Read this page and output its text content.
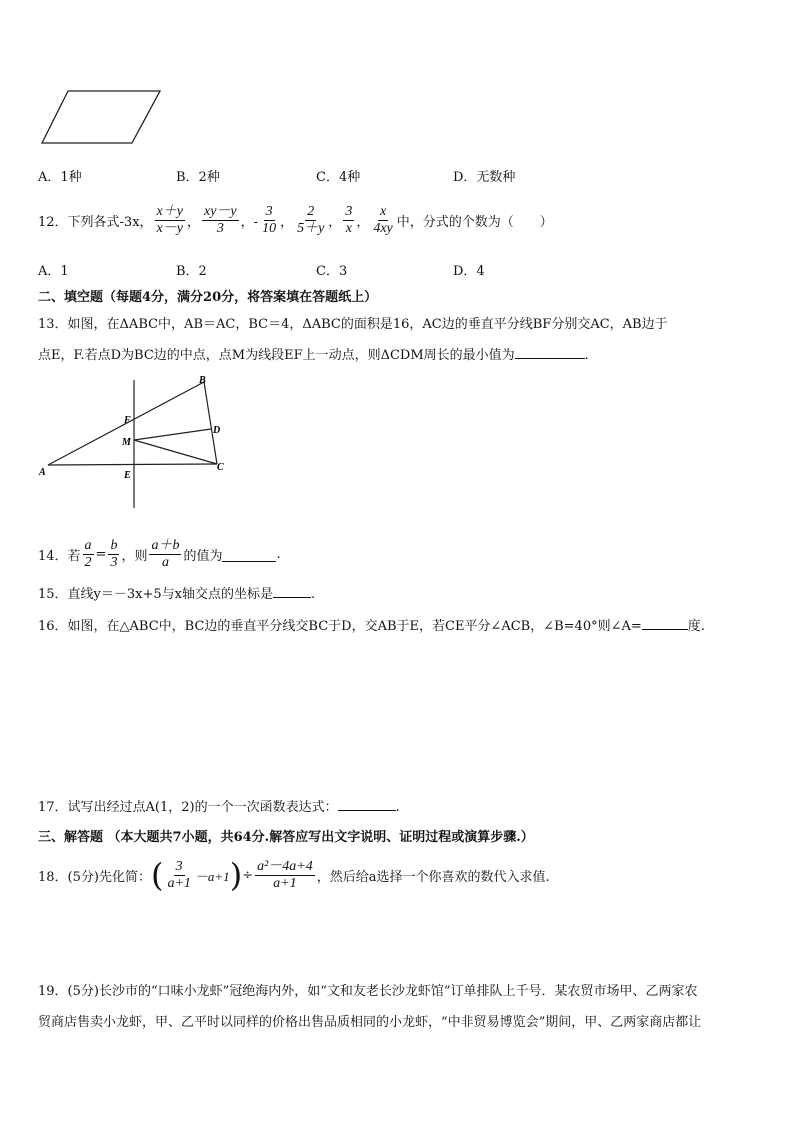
A．1种	B．2种	C．4种	D．无数种
12．下列各式-3x， $\frac{x+y}{x-y}$ ， $\frac{xy-y}{3}$ ，- $\frac{3}{10}$ ， $\frac{2}{5+y}$ ， $\frac{3}{x}$ ， $\frac{x}{4xy}$ 中，分式的个数为（　　）
A．1	B．2	C．3	D．4
二、填空题（每题4分，满分20分，将答案填在答题纸上）
13．如图，在ΔABC中，AB＝AC，BC＝4，ΔABC的面积是16，AC边的垂直平分线BF分别交AC，AB边于
点E，F.若点D为BC边的中点，点M为线段EF上一动点，则ΔCDM周长的最小值为	.
A
B
C
D
E
F
M
14．若 $\frac{a}{2} = \frac{b}{3}$ ，则 $\frac{a+b}{a}$ 的值为	.
15．直线y＝－3x+5与x轴交点的坐标是	.
16．如图，在△ABC中，BC边的垂直平分线交BC于D，交AB于E，若CE平分∠ACB，∠B=40°则∠A=	度.
17．试写出经过点A(1，2)的一个一次函数表达式：	.
三、解答题 （本大题共7小题，共64分.解答应写出文字说明、证明过程或演算步骤.）
18．(5分)先化简： ( $\frac{3}{a+1} -a+1$ ) ÷ $\frac{\text{a²－4a+4}}{a+1}$ ，然后给a选择一个你喜欢的数代入求值.
19．(5分)长沙市的“口味小龙虾”冠绝海内外，如“文和友老长沙龙虾馆”订单排队上千号．某农贸市场甲、乙两家农
贸商店售卖小龙虾，甲、乙平时以同样的价格出售品质相同的小龙虾，“中非贸易博览会”期间，甲、乙两家商店都让
